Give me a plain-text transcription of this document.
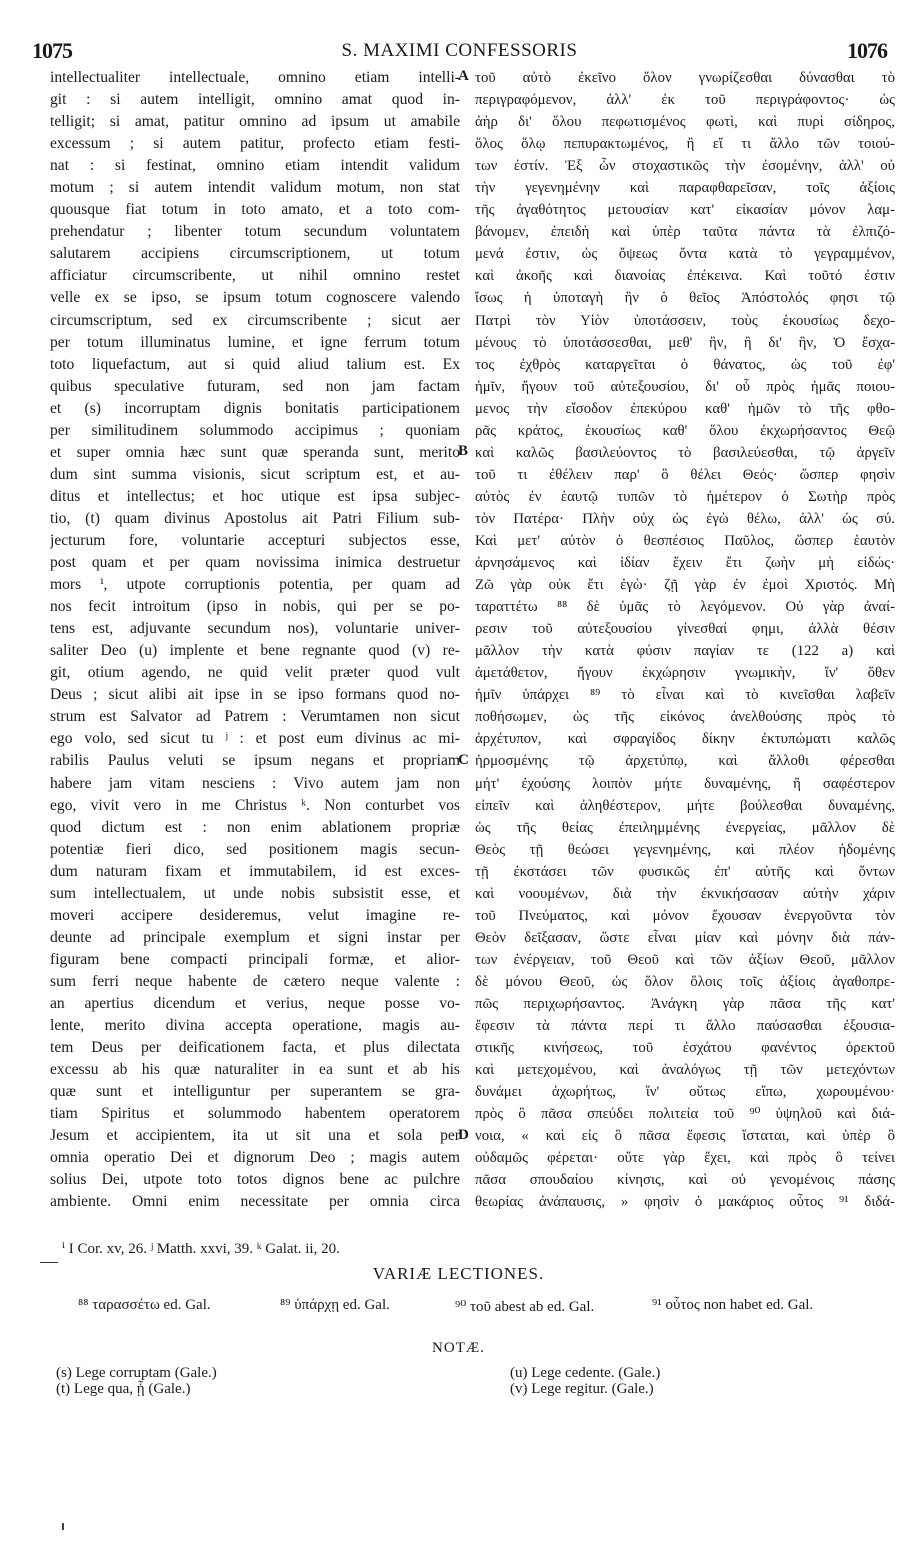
1075	S. MAXIMI CONFESSORIS	1076
intellectualiter intellectuale, omnino etiam intelli-
git : si autem intelligit, omnino amat quod in-
telligit; si amat, patitur omnino ad ipsum ut amabile
excessum ; si autem patitur, profecto etiam festi-
nat : si festinat, omnino etiam intendit validum
motum ; si autem intendit validum motum, non stat
quousque fiat totum in toto amato, et a toto com-
prehendatur ; libenter totum secundum voluntatem
salutarem accipiens circumscriptionem, ut totum
afficiatur circumscribente, ut nihil omnino restet
velle ex se ipso, se ipsum totum cognoscere valendo
circumscriptum, sed ex circumscribente ; sicut aer
per totum illuminatus lumine, et igne ferrum totum
toto liquefactum, aut si quid aliud talium est. Ex
quibus speculative futuram, sed non jam factam
et (s) incorruptam dignis bonitatis participationem
per similitudinem solummodo accipimus ; quoniam
et super omnia hæc sunt quæ speranda sunt, merito
dum sint summa visionis, sicut scriptum est, et au-
ditus et intellectus; et hoc utique est ipsa subjec-
tio, (t) quam divinus Apostolus ait Patri Filium sub-
jecturum fore, voluntarie accepturi subjectos esse,
post quam et per quam novissima inimica destruetur
mors ⁱ, utpote corruptionis potentia, per quam ad
nos fecit introitum (ipso in nobis, qui per se po-
tens est, adjuvante secundum nos), voluntarie univer-
saliter Deo (u) implente et bene regnante quod (v) re-
git, otium agendo, ne quid velit præter quod vult
Deus ; sicut alibi ait ipse in se ipso formans quod no-
strum est Salvator ad Patrem : Verumtamen non sicut
ego volo, sed sicut tu ʲ : et post eum divinus ac mi-
rabilis Paulus veluti se ipsum negans et propriam
habere jam vitam nesciens : Vivo autem jam non
ego, vivit vero in me Christus ᵏ. Non conturbet vos
quod dictum est : non enim ablationem propriæ
potentiæ fieri dico, sed positionem magis secun-
dum naturam fixam et immutabilem, id est exces-
sum intellectualem, ut unde nobis subsistit esse, et
moveri accipere desideremus, velut imagine re-
deunte ad principale exemplum et signi instar per
figuram bene compacti principali formæ, et alior-
sum ferri neque habente de cætero neque valente :
an apertius dicendum et verius, neque posse vo-
lente, merito divina accepta operatione, magis au-
tem Deus per deificationem facta, et plus dilectata
excessu ab his quæ naturaliter in ea sunt et ab his
quæ sunt et intelliguntur per superantem se gra-
tiam Spiritus et solummodo habentem operatorem
Jesum et accipientem, ita ut sit una et sola per
omnia operatio Dei et dignorum Deo ; magis autem
solius Dei, utpote toto totos dignos bene ac pulchre
ambiente. Omni enim necessitate per omnia circa
τοῦ αὐτὸ ἐκεῖνο ὅλον γνωρίζεσθαι δύνασθαι τὸ
περιγραφόμενον, ἀλλ' ἐκ τοῦ περιγράφοντος· ὡς
ἀὴρ δι' ὅλου πεφωτισμένος φωτὶ, καὶ πυρὶ σίδηρος,
ὅλος ὅλῳ πεπυρακτωμένος, ἢ εἴ τι ἄλλο τῶν τοιού-
των ἐστίν. Ἐξ ὧν στοχαστικῶς τὴν ἐσομένην, ἀλλ' οὐ
τὴν γεγενημένην καὶ παραφθαρεῖσαν, τοῖς ἀξίοις
τῆς ἀγαθότητος μετουσίαν κατ' εἰκασίαν μόνον λαμ-
βάνομεν, ἐπειδὴ καὶ ὑπὲρ ταῦτα πάντα τὰ ἐλπιζό-
μενά ἐστιν, ὡς ὄψεως ὄντα κατὰ τὸ γεγραμμένον,
καὶ ἀκοῆς καὶ διανοίας ἐπέκεινα. Καὶ τοῦτό ἐστιν
ἴσως ἡ ὑποταγὴ ἣν ὁ θεῖος Ἀπόστολός φησι τῷ
Πατρὶ τὸν Υἱὸν ὑποτάσσειν, τοὺς ἑκουσίως δεχο-
μένους τὸ ὑποτάσσεσθαι, μεθ' ἣν, ἢ δι' ἣν, Ὁ ἔσχα-
τος ἐχθρὸς καταργεῖται ὁ θάνατος, ὡς τοῦ ἐφ'
ἡμῖν, ἤγουν τοῦ αὐτεξουσίου, δι' οὗ πρὸς ἡμᾶς ποιου-
μενος τὴν εἴσοδον ἐπεκύρου καθ' ἡμῶν τὸ τῆς φθο-
ρᾶς κράτος, ἑκουσίως καθ' ὅλου ἐκχωρήσαντος Θεῷ
καὶ καλῶς βασιλεύοντος τὸ βασιλεύεσθαι, τῷ ἀργεῖν
τοῦ τι ἐθέλειν παρ' ὃ θέλει Θεός· ὥσπερ φησὶν
αὐτὸς ἐν ἑαυτῷ τυπῶν τὸ ἡμέτερον ὁ Σωτὴρ πρὸς
τὸν Πατέρα· Πλὴν οὐχ ὡς ἐγὼ θέλω, ἀλλ' ὡς σύ.
Καὶ μετ' αὐτὸν ὁ θεσπέσιος Παῦλος, ὥσπερ ἑαυτὸν
ἀρνησάμενος καὶ ἰδίαν ἔχειν ἔτι ζωὴν μὴ εἰδώς·
Ζῶ γὰρ οὐκ ἔτι ἐγὼ· ζῇ γὰρ ἐν ἐμοὶ Χριστός. Μὴ
ταραττέτω ⁸⁸ δὲ ὑμᾶς τὸ λεγόμενον. Οὐ γὰρ ἀναί-
ρεσιν τοῦ αὐτεξουσίου γίνεσθαί φημι, ἀλλὰ θέσιν
μᾶλλον τὴν κατὰ φύσιν παγίαν τε (122 a) καὶ
ἀμετάθετον, ἤγουν ἐκχώρησιν γνωμικὴν, ἵν' ὅθεν
ἡμῖν ὑπάρχει ⁸⁹ τὸ εἶναι καὶ τὸ κινεῖσθαι λαβεῖν
ποθήσωμεν, ὡς τῆς εἰκόνος ἀνελθούσης πρὸς τὸ
ἀρχέτυπον, καὶ σφραγίδος δίκην ἐκτυπώματι καλῶς
ἡρμοσμένης τῷ ἀρχετύπῳ, καὶ ἄλλοθι φέρεσθαι
μήτ' ἐχούσης λοιπὸν μήτε δυναμένης, ἢ σαφέστερον
εἰπεῖν καὶ ἀληθέστερον, μήτε βούλεσθαι δυναμένης,
ὡς τῆς θείας ἐπειλημμένης ἐνεργείας, μᾶλλον δὲ
Θεὸς τῇ θεώσει γεγενημένης, καὶ πλέον ἡδομένης
τῇ ἐκστάσει τῶν φυσικῶς ἐπ' αὐτῆς καὶ ὄντων
καὶ νοουμένων, διὰ τὴν ἐκνικήσασαν αὐτὴν χάριν
τοῦ Πνεύματος, καὶ μόνον ἔχουσαν ἐνεργοῦντα τὸν
Θεὸν δεῖξασαν, ὥστε εἶναι μίαν καὶ μόνην διὰ πάν-
των ἐνέργειαν, τοῦ Θεοῦ καὶ τῶν ἀξίων Θεοῦ, μᾶλλον
δὲ μόνου Θεοῦ, ὡς ὅλον ὅλοις τοῖς ἀξίοις ἀγαθοπρε-
πῶς περιχωρήσαντος. Ἀνάγκη γὰρ πᾶσα τῆς κατ'
ἔφεσιν τὰ πάντα περί τι ἄλλο παύσασθαι ἐξουσια-
στικῆς κινήσεως, τοῦ ἐσχάτου φανέντος ὀρεκτοῦ
καὶ μετεχομένου, καὶ ἀναλόγως τῇ τῶν μετεχόντων
δυνάμει ἀχωρήτως, ἵν' οὕτως εἴπω, χωρουμένου·
πρὸς ὃ πᾶσα σπεύδει πολιτεία τοῦ ⁹⁰ ὑψηλοῦ καὶ διά-
νοια, « καὶ εἰς ὃ πᾶσα ἔφεσις ἵσταται, καὶ ὑπὲρ ὃ
οὐδαμῶς φέρεται· οὔτε γὰρ ἔχει, καὶ πρὸς ὃ τείνει
πᾶσα σπουδαίου κίνησις, καὶ οὐ γενομένοις πάσης
θεωρίας ἀνάπαυσις, » φησὶν ὁ μακάριος οὗτος ⁹¹ διδά-
A
B
C
D
ⁱ I Cor. xv, 26. ʲ Matth. xxvi, 39. ᵏ Galat. ii, 20.
VARIÆ LECTIONES.
⁸⁸ ταρασσέτω ed. Gal.	⁸⁹ ὑπάρχῃ ed. Gal.	⁹⁰ τοῦ abest ab ed. Gal.	⁹¹ οὗτος non habet ed. Gal.
NOTÆ.
(s) Lege corruptam (Gale.)
(t) Lege qua, ᾗ (Gale.)
(u) Lege cedente. (Gale.)
(v) Lege regitur. (Gale.)
